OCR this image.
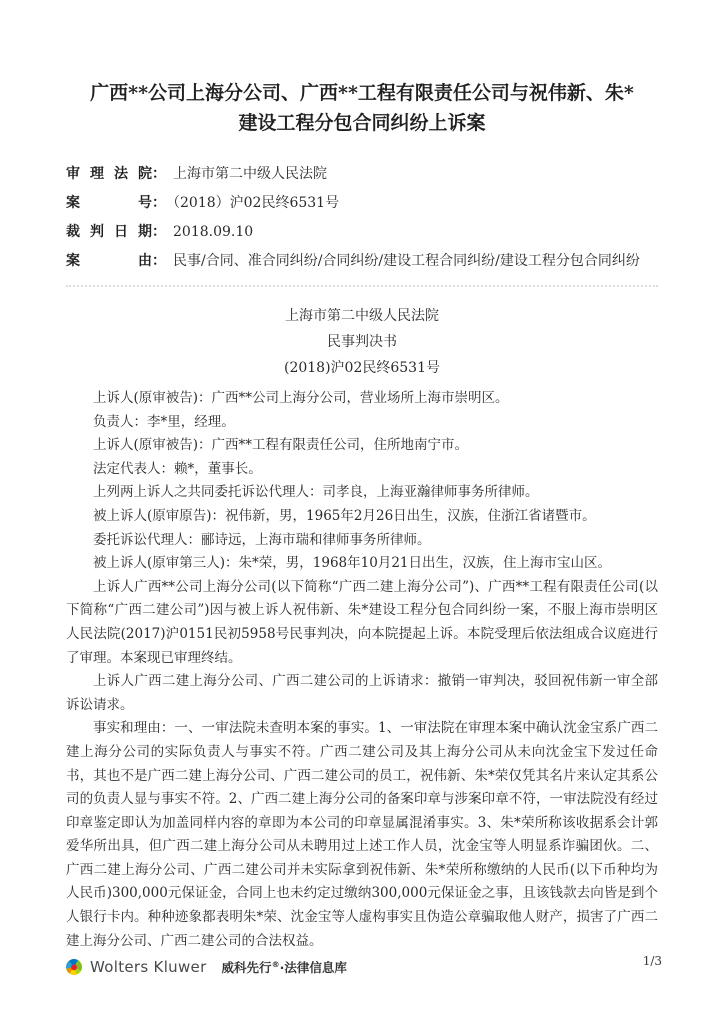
广西**公司上海分公司、广西**工程有限责任公司与祝伟新、朱*建设工程分包合同纠纷上诉案
审理法院： 上海市第二中级人民法院
案号： （2018）沪02民终6531号
裁判日期： 2018.09.10
案由： 民事/合同、准合同纠纷/合同纠纷/建设工程合同纠纷/建设工程分包合同纠纷
上海市第二中级人民法院
民事判决书
(2018)沪02民终6531号

上诉人(原审被告)：广西**公司上海分公司，营业场所上海市崇明区。

负责人：李*里，经理。

上诉人(原审被告)：广西**工程有限责任公司，住所地南宁市。

法定代表人：赖*，董事长。

上列两上诉人之共同委托诉讼代理人：司孝良，上海亚瀚律师事务所律师。

被上诉人(原审原告)：祝伟新，男，1965年2月26日出生，汉族，住浙江省诸暨市。

委托诉讼代理人：郦诗远，上海市瑞和律师事务所律师。

被上诉人(原审第三人)：朱*荣，男，1968年10月21日出生，汉族，住上海市宝山区。

上诉人广西**公司上海分公司(以下简称“广西二建上海分公司”)、广西**工程有限责任公司(以下简称“广西二建公司”)因与被上诉人祝伟新、朱*建设工程分包合同纠纷一案，不服上海市崇明区人民法院(2017)沪0151民初5958号民事判决，向本院提起上诉。本院受理后依法组成合议庭进行了审理。本案现已审理终结。

上诉人广西二建上海分公司、广西二建公司的上诉请求：撤销一审判决，驳回祝伟新一审全部诉讼请求。

事实和理由：一、一审法院未查明本案的事实。1、一审法院在审理本案中确认沈金宝系广西二建上海分公司的实际负责人与事实不符。广西二建公司及其上海分公司从未向沈金宝下发过任命书，其也不是广西二建上海分公司、广西二建公司的员工，祝伟新、朱*荣仅凭其名片来认定其系公司的负责人显与事实不符。2、广西二建上海分公司的备案印章与涉案印章不符，一审法院没有经过印章鉴定即认为加盖同样内容的章即为本公司的印章显属混淆事实。3、朱*荣所称该收据系会计郭爱华所出具，但广西二建上海分公司从未聘用过上述工作人员，沈金宝等人明显系诈骗团伙。二、广西二建上海分公司、广西二建公司并未实际拿到祝伟新、朱*荣所称缴纳的人民币(以下币种均为人民币)300,000元保证金，合同上也未约定过缴纳300,000元保证金之事，且该钱款去向皆是到个人银行卡内。种种迹象都表明朱*荣、沈金宝等人虚构事实且伪造公章骗取他人财产，损害了广西二建上海分公司、广西二建公司的合法权益。

Wolters Kluwer 威科先行®·法律信息库	1/3
